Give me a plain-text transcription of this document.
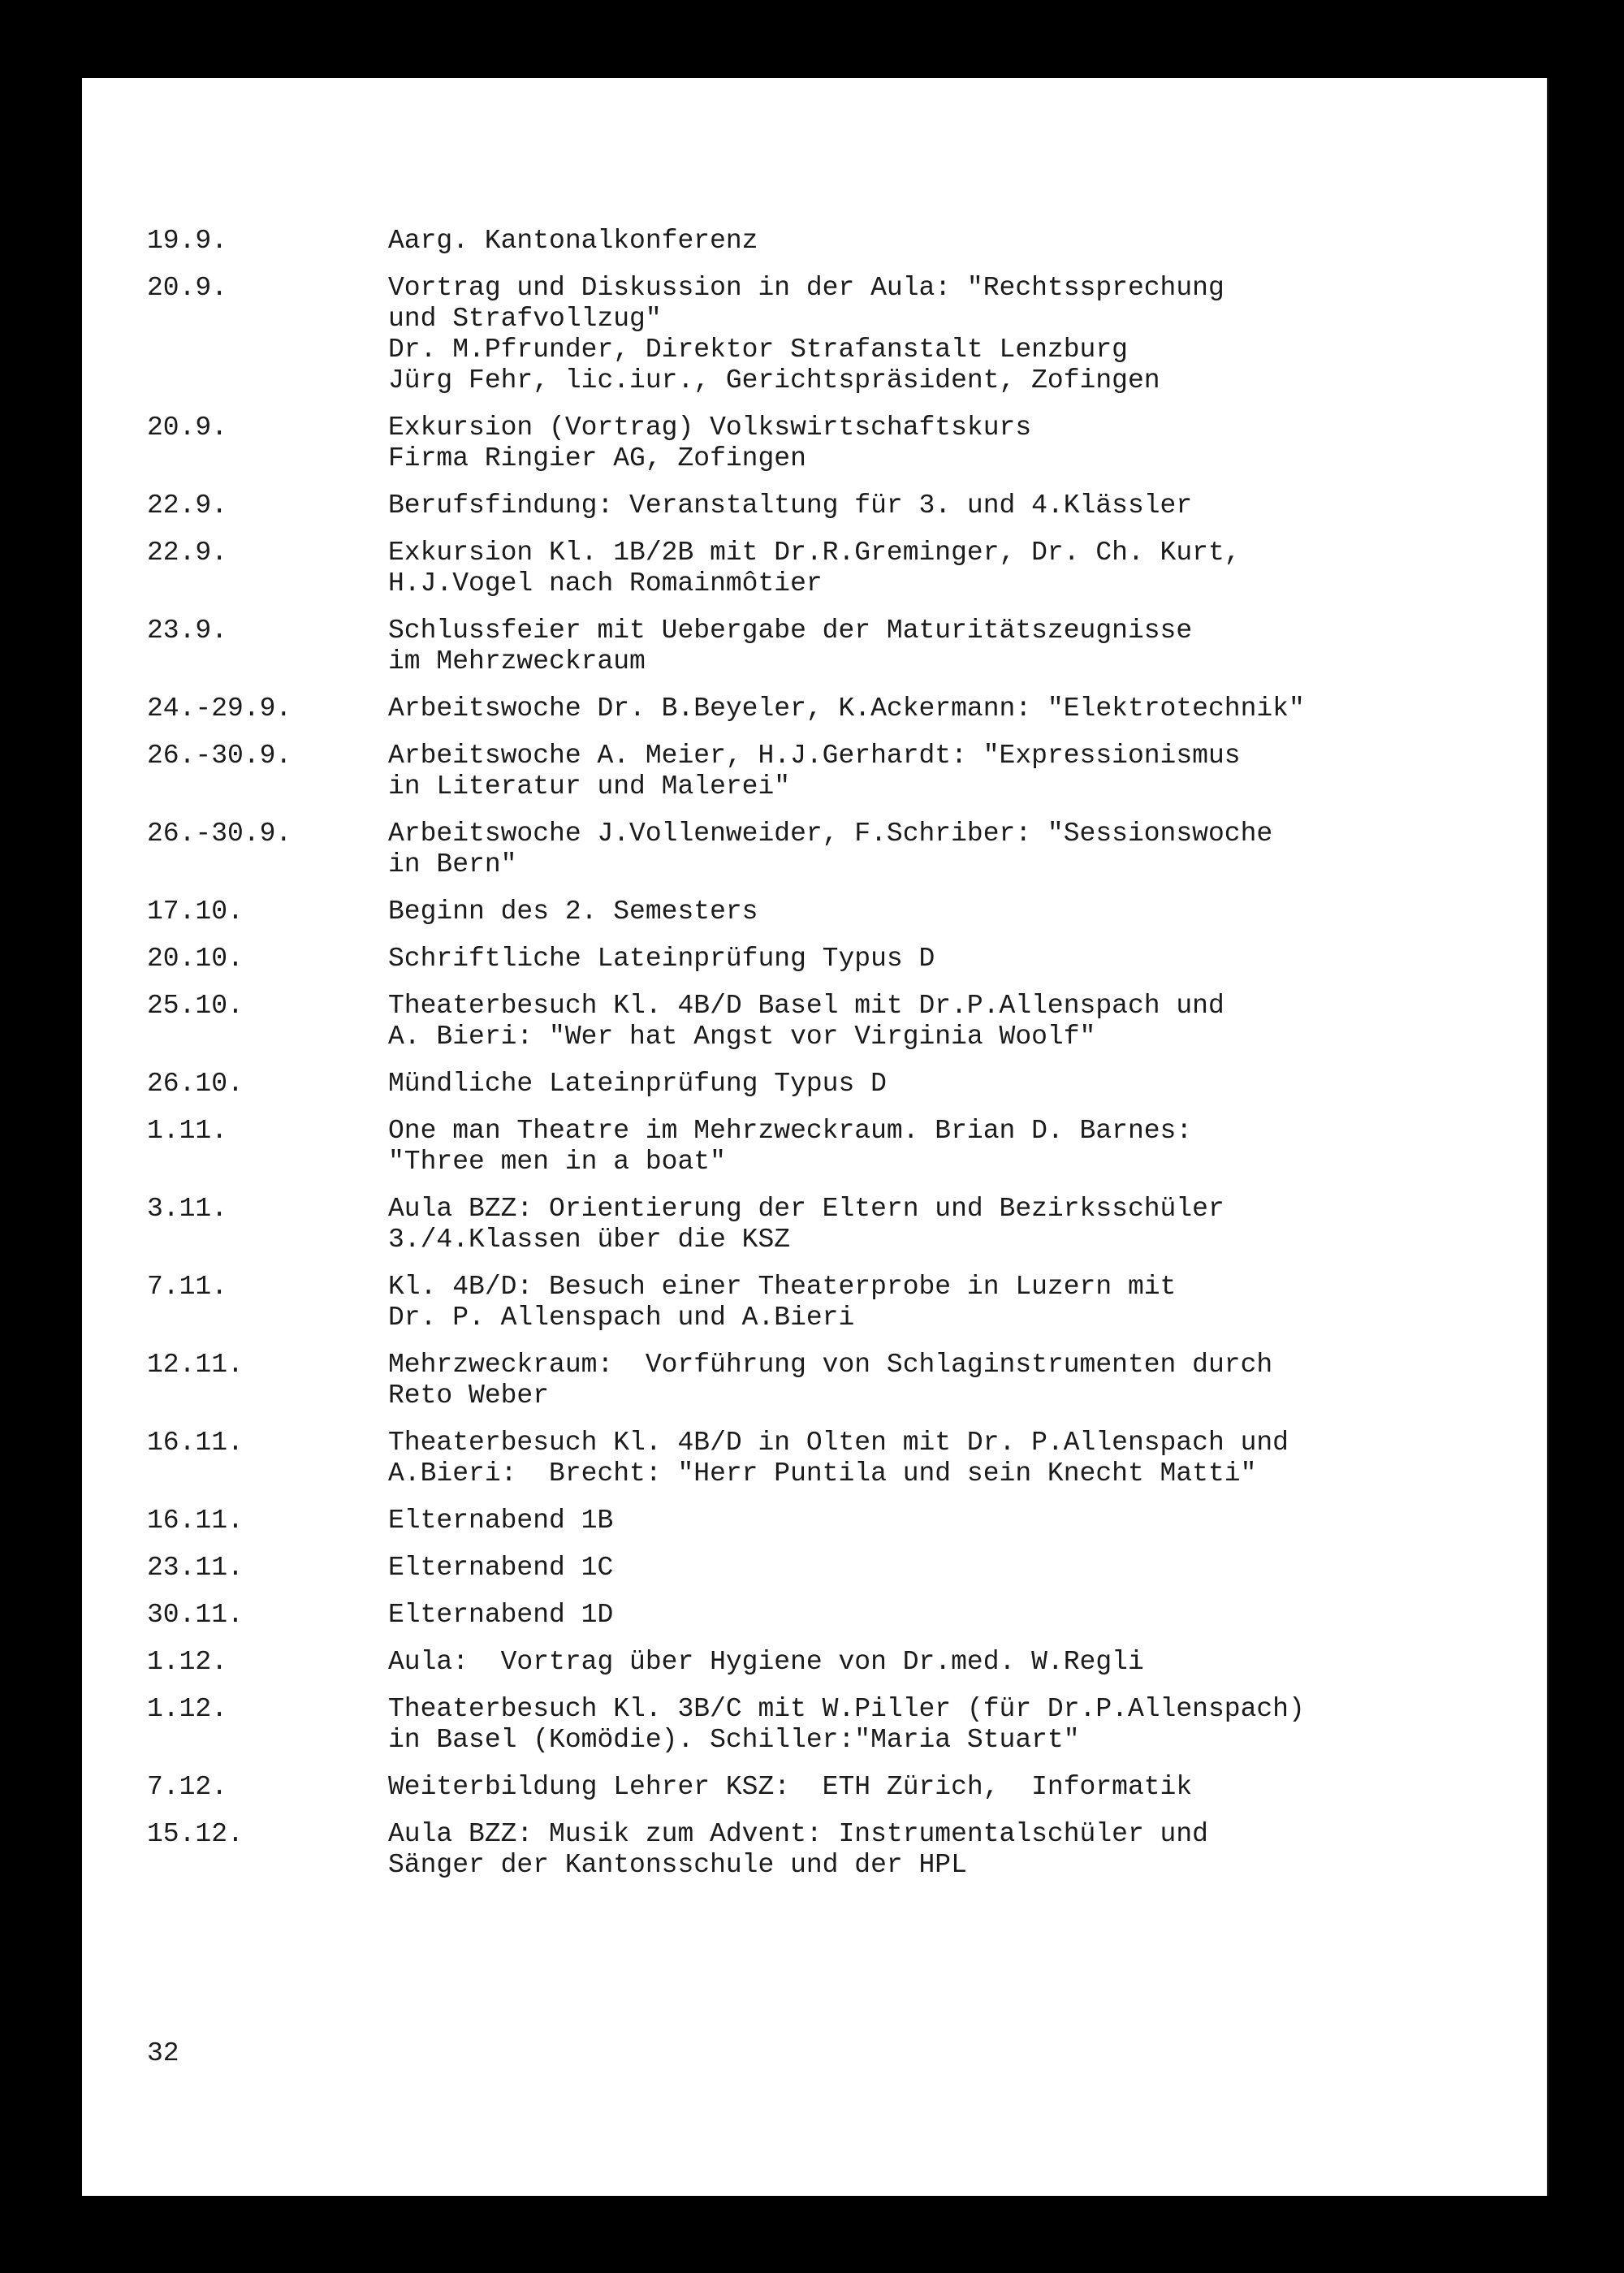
19.9.	Aarg. Kantonalkonferenz
20.9.	Vortrag und Diskussion in der Aula: "Rechtssprechung
und Strafvollzug"
Dr. M.Pfrunder, Direktor Strafanstalt Lenzburg
Jürg Fehr, lic.iur., Gerichtspräsident, Zofingen
20.9.	Exkursion (Vortrag) Volkswirtschaftskurs
Firma Ringier AG, Zofingen
22.9.	Berufsfindung: Veranstaltung für 3. und 4.Klässler
22.9.	Exkursion Kl. 1B/2B mit Dr.R.Greminger, Dr. Ch. Kurt,
H.J.Vogel nach Romainmôtier
23.9.	Schlussfeier mit Uebergabe der Maturitätszeugnisse
im Mehrzweckraum
24.-29.9.	Arbeitswoche Dr. B.Beyeler, K.Ackermann: "Elektrotechnik"
26.-30.9.	Arbeitswoche A. Meier, H.J.Gerhardt: "Expressionismus
in Literatur und Malerei"
26.-30.9.	Arbeitswoche J.Vollenweider, F.Schriber: "Sessionswoche
in Bern"
17.10.	Beginn des 2. Semesters
20.10.	Schriftliche Lateinprüfung Typus D
25.10.	Theaterbesuch Kl. 4B/D Basel mit Dr.P.Allenspach und
A. Bieri: "Wer hat Angst vor Virginia Woolf"
26.10.	Mündliche Lateinprüfung Typus D
1.11.	One man Theatre im Mehrzweckraum. Brian D. Barnes:
"Three men in a boat"
3.11.	Aula BZZ: Orientierung der Eltern und Bezirksschüler
3./4.Klassen über die KSZ
7.11.	Kl. 4B/D: Besuch einer Theaterprobe in Luzern mit
Dr. P. Allenspach und A.Bieri
12.11.	Mehrzweckraum:  Vorführung von Schlaginstrumenten durch
Reto Weber
16.11.	Theaterbesuch Kl. 4B/D in Olten mit Dr. P.Allenspach und
A.Bieri:  Brecht: "Herr Puntila und sein Knecht Matti"
16.11.	Elternabend 1B
23.11.	Elternabend 1C
30.11.	Elternabend 1D
1.12.	Aula:  Vortrag über Hygiene von Dr.med. W.Regli
1.12.	Theaterbesuch Kl. 3B/C mit W.Piller (für Dr.P.Allenspach)
in Basel (Komödie). Schiller:"Maria Stuart"
7.12.	Weiterbildung Lehrer KSZ:  ETH Zürich,  Informatik
15.12.	Aula BZZ: Musik zum Advent: Instrumentalschüler und
Sänger der Kantonsschule und der HPL
32
